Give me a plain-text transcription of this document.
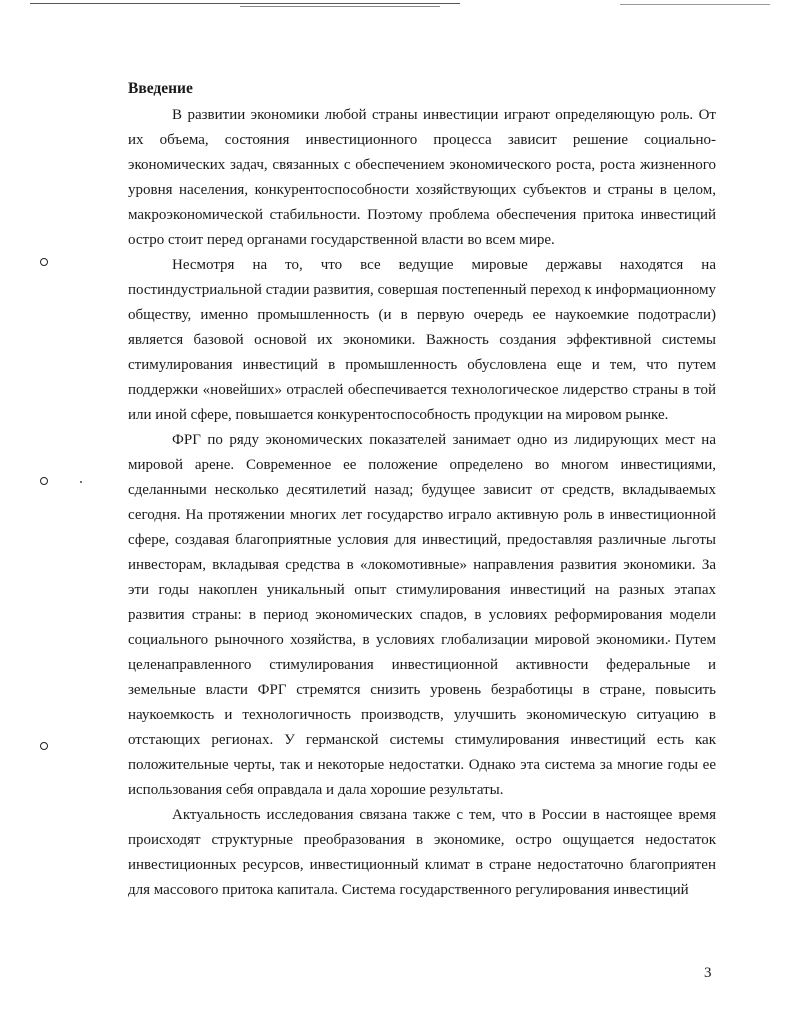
Введение

В развитии экономики любой страны инвестиции играют определяющую роль. От их объема, состояния инвестиционного процесса зависит решение социально-экономических задач, связанных с обеспечением экономического роста, роста жизненного уровня населения, конкурентоспособности хозяйствующих субъектов и страны в целом, макроэкономической стабильности. Поэтому проблема обеспечения притока инвестиций остро стоит перед органами государственной власти во всем мире.

Несмотря на то, что все ведущие мировые державы находятся на постиндустриальной стадии развития, совершая постепенный переход к информационному обществу, именно промышленность (и в первую очередь ее наукоемкие подотрасли) является базовой основой их экономики. Важность создания эффективной системы стимулирования инвестиций в промышленность обусловлена еще и тем, что путем поддержки «новейших» отраслей обеспечивается технологическое лидерство страны в той или иной сфере, повышается конкурентоспособность продукции на мировом рынке.

ФРГ по ряду экономических показателей занимает одно из лидирующих мест на мировой арене. Современное ее положение определено во многом инвестициями, сделанными несколько десятилетий назад; будущее зависит от средств, вкладываемых сегодня. На протяжении многих лет государство играло активную роль в инвестиционной сфере, создавая благоприятные условия для инвестиций, предоставляя различные льготы инвесторам, вкладывая средства в «локомотивные» направления развития экономики. За эти годы накоплен уникальный опыт стимулирования инвестиций на разных этапах развития страны: в период экономических спадов, в условиях реформирования модели социального рыночного хозяйства, в условиях глобализации мировой экономики. Путем целенаправленного стимулирования инвестиционной активности федеральные и земельные власти ФРГ стремятся снизить уровень безработицы в стране, повысить наукоемкость и технологичность производств, улучшить экономическую ситуацию в отстающих регионах. У германской системы стимулирования инвестиций есть как положительные черты, так и некоторые недостатки. Однако эта система за многие годы ее использования себя оправдала и дала хорошие результаты.

Актуальность исследования связана также с тем, что в России в настоящее время происходят структурные преобразования в экономике, остро ощущается недостаток инвестиционных ресурсов, инвестиционный климат в стране недостаточно благоприятен для массового притока капитала. Система государственного регулирования инвестиций

3
